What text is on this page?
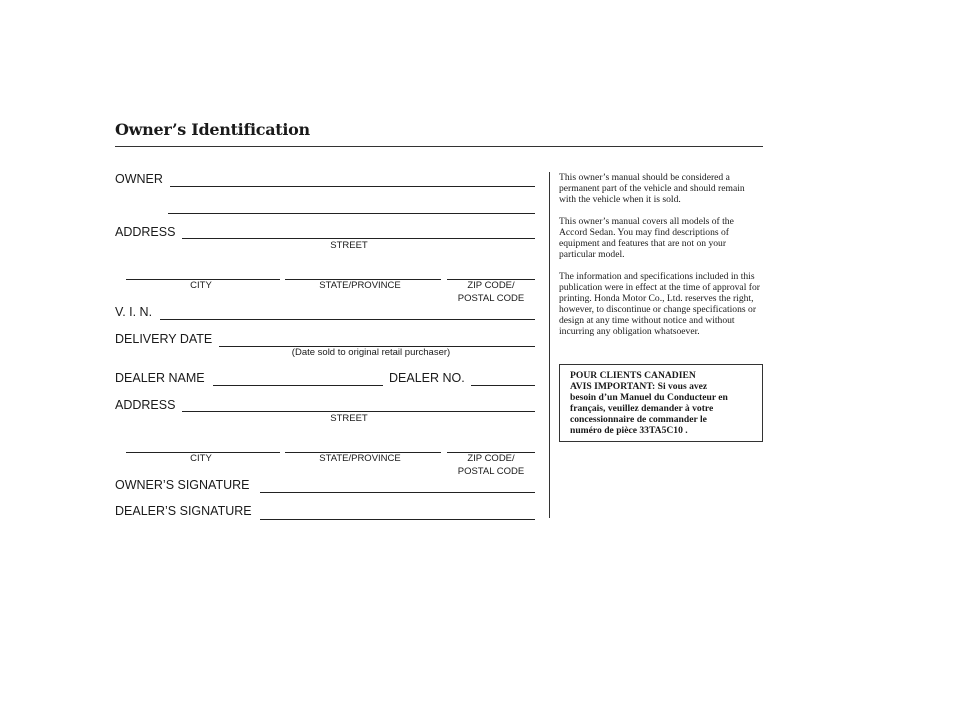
Owner’s Identification
OWNER
ADDRESS
STREET
CITY	STATE/PROVINCE	ZIP CODE/
POSTAL CODE
V. I. N.
DELIVERY DATE
(Date sold to original retail purchaser)
DEALER NAME	DEALER NO.
ADDRESS
STREET
CITY	STATE/PROVINCE	ZIP CODE/
POSTAL CODE
OWNER’S SIGNATURE
DEALER’S SIGNATURE
This owner’s manual should be considered a permanent part of the vehicle and should remain with the vehicle when it is sold.
This owner’s manual covers all models of the Accord Sedan. You may find descriptions of equipment and features that are not on your particular model.
The information and specifications included in this publication were in effect at the time of approval for printing. Honda Motor Co., Ltd. reserves the right, however, to discontinue or change specifications or design at any time without notice and without incurring any obligation whatsoever.
POUR CLIENTS CANADIEN
AVIS IMPORTANT: Si vous avez
besoin d’un Manuel du Conducteur en
français, veuillez demander à votre
concessionnaire de commander le
numéro de pièce 33TA5C10 .
